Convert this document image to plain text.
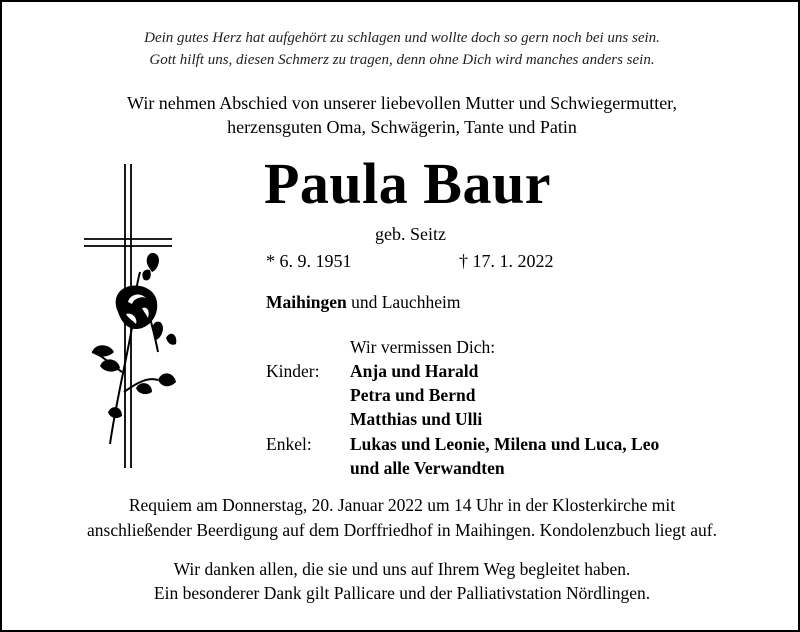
Dein gutes Herz hat aufgehört zu schlagen und wollte doch so gern noch bei uns sein.
Gott hilft uns, diesen Schmerz zu tragen, denn ohne Dich wird manches anders sein.
Wir nehmen Abschied von unserer liebevollen Mutter und Schwiegermutter,
herzensguten Oma, Schwägerin, Tante und Patin
Paula Baur
geb. Seitz
* 6. 9. 1951	† 17. 1. 2022
Maihingen und Lauchheim
Wir vermissen Dich:
Kinder: Anja und Harald
Petra und Bernd
Matthias und Ulli
Enkel: Lukas und Leonie, Milena und Luca, Leo
und alle Verwandten
Requiem am Donnerstag, 20. Januar 2022 um 14 Uhr in der Klosterkirche mit
anschließender Beerdigung auf dem Dorffriedhof in Maihingen. Kondolenzbuch liegt auf.
Wir danken allen, die sie und uns auf Ihrem Weg begleitet haben.
Ein besonderer Dank gilt Pallicare und der Palliativstation Nördlingen.
